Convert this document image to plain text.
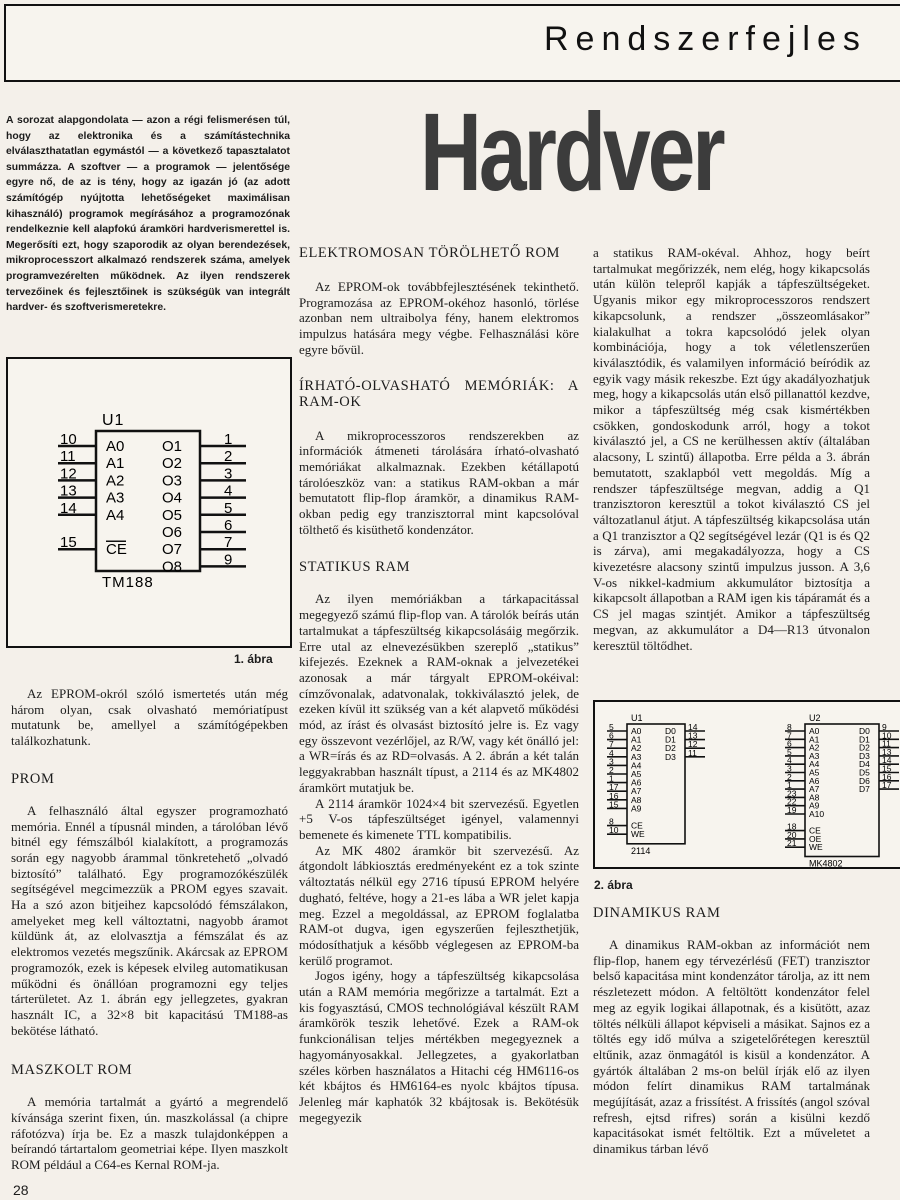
Rendszerfejles
Hardver
A sorozat alapgondolata — azon a régi felismerésen túl, hogy az elektronika és a számítástechnika elválaszthatatlan egymástól — a következő tapasztalatot summázza. A szoftver — a programok — jelentősége egyre nő, de az is tény, hogy az igazán jó (az adott számítógép nyújtotta lehetőségeket maximálisan kihasználó) programok megírásához a programozónak rendelkeznie kell alapfokú áramköri hardverismerettel is. Megerősíti ezt, hogy szaporodik az olyan berendezések, mikroprocesszort alkalmazó rendszerek száma, amelyek programvezérelten működnek. Az ilyen rendszerek tervezőinek és fejlesztőinek is szükségük van integrált hardver- és szoftverismeretekre.
U1
10 A0
11 A1
12 A2
13 A3
14 A4
15 CE
1
O1
2
O2
3
O3
4
O4
5
O5
6
O6
7
O7
9
O8
TM188
1. ábra
U1
5 A0
6 A1
7 A2
4 A3
3 A4
2 A5
1 A6
17 A7
16 A8
15 A9
8 CE
10 WE
14
D0 13
D1 12
D2 11
D3
2114
U2
8 A0
7 A1
6 A2
5 A3
4 A4
3 A5
2 A6
1 A7
23 A8
22 A9
19 A10
18 CE
20 OE
21 WE
9
D0 10
D1 11
D2 13
D3 14
D4 15
D5 16
D6 17
D7
MK4802
2. ábra

Az EPROM-okról szóló ismertetés után még három olyan, csak olvasható memóriatípust mutatunk be, amellyel a számítógépekben találkozhatunk.

PROM

A felhasználó által egyszer programozható memória. Ennél a típusnál minden, a tárolóban lévő bitnél egy fémszálból kialakított, a programozás során egy nagyobb árammal tönkretehető „olvadó biztosító” található. Egy programozókészülék segítségével megcimezzük a PROM egyes szavait. Ha a szó azon bitjeihez kapcsolódó fémszálakon, amelyeket meg kell változtatni, nagyobb áramot küldünk át, az elolvasztja a fémszálat és az elektromos vezetés megszűnik. Akárcsak az EPROM programozók, ezek is képesek elvileg automatikusan működni és önállóan programozni egy teljes tárterületet. Az 1. ábrán egy jellegzetes, gyakran használt IC, a 32×8 bit kapacitású TM188-as bekötése látható.

MASZKOLT ROM

A memória tartalmát a gyártó a megrendelő kívánsága szerint fixen, ún. maszkolással (a chipre ráfotózva) írja be. Ez a maszk tulajdonképpen a beírandó tártartalom geometriai képe. Ilyen maszkolt ROM például a C64-es Kernal ROM-ja.

ELEKTROMOSAN TÖRÖLHETŐ ROM

Az EPROM-ok továbbfejlesztésének tekinthető. Programozása az EPROM-okéhoz hasonló, törlése azonban nem ultraibolya fény, hanem elektromos impulzus hatására megy végbe. Felhasználási köre egyre bővül.

ÍRHATÓ-OLVASHATÓ MEMÓRIÁK: A RAM-OK

A mikroprocesszoros rendszerekben az információk átmeneti tárolására írható-olvasható memóriákat alkalmaznak. Ezekben kétállapotú tárolóeszköz van: a statikus RAM-okban a már bemutatott flip-flop áramkör, a dinamikus RAM-okban pedig egy tranzisztorral mint kapcsolóval tölthető és kisüthető kondenzátor.

STATIKUS RAM

Az ilyen memóriákban a tárkapacitással megegyező számú flip-flop van. A tárolók beírás után tartalmukat a tápfeszültség kikapcsolásáig megőrzik. Erre utal az elnevezésükben szereplő „statikus” kifejezés. Ezeknek a RAM-oknak a jelvezetékei azonosak a már tárgyalt EPROM-okéival: címzővonalak, adatvonalak, tokkiválasztó jelek, de ezeken kívül itt szükség van a két alapvető működési mód, az írást és olvasást biztosító jelre is. Ez vagy egy összevont vezérlőjel, az R/W, vagy két önálló jel: a WR=írás és az RD=olvasás. A 2. ábrán a két talán leggyakrabban használt típust, a 2114 és az MK4802 áramkört mutatjuk be.

A 2114 áramkör 1024×4 bit szervezésű. Egyetlen +5 V-os tápfeszültséget igényel, valamennyi bemenete és kimenete TTL kompatibilis.

Az MK 4802 áramkör bit szervezésű. Az átgondolt lábkiosztás eredményeként ez a tok szinte változtatás nélkül egy 2716 típusú EPROM helyére dugható, feltéve, hogy a 21-es lába a WR jelet kapja meg. Ezzel a megoldással, az EPROM foglalatba RAM-ot dugva, igen egyszerűen fejleszthetjük, módosíthatjuk a később véglegesen az EPROM-ba kerülő programot.

Jogos igény, hogy a tápfeszültség kikapcsolása után a RAM memória megőrizze a tartalmát. Ezt a kis fogyasztású, CMOS technológiával készült RAM áramkörök teszik lehetővé. Ezek a RAM-ok funkcionálisan teljes mértékben megegyeznek a hagyományosakkal. Jellegzetes, a gyakorlatban széles körben használatos a Hitachi cég HM6116-os két kbájtos és HM6164-es nyolc kbájtos típusa. Jelenleg már kaphatók 32 kbájtosak is. Bekötésük megegyezik

a statikus RAM-okéval. Ahhoz, hogy beírt tartalmukat megőrizzék, nem elég, hogy kikapcsolás után külön telepről kapják a tápfeszültségeket. Ugyanis mikor egy mikroprocesszoros rendszert kikapcsolunk, a rendszer „összeomlásakor” kialakulhat a tokra kapcsolódó jelek olyan kombinációja, hogy a tok véletlenszerűen kiválasztódik, és valamilyen információ beíródik az egyik vagy másik rekeszbe. Ezt úgy akadályozhatjuk meg, hogy a kikapcsolás után első pillanattól kezdve, mikor a tápfeszültség még csak kismértékben csökken, gondoskodunk arról, hogy a tokot kiválasztó jel, a CS ne kerülhessen aktív (általában alacsony, L szintű) állapotba. Erre példa a 3. ábrán bemutatott, szaklapból vett megoldás. Míg a rendszer tápfeszültsége megvan, addig a Q1 tranzisztoron keresztül a tokot kiválasztó CS jel változatlanul átjut. A tápfeszültség kikapcsolása után a Q1 tranzisztor a Q2 segítségével lezár (Q1 is és Q2 is zárva), ami megakadályozza, hogy a CS kivezetésre alacsony szintű impulzus jusson. A 3,6 V-os nikkel-kadmium akkumulátor biztosítja a kikapcsolt állapotban a RAM igen kis tápáramát és a CS jel magas szintjét. Amikor a tápfeszültség megvan, az akkumulátor a D4—R13 útvonalon keresztül töltődhet.

DINAMIKUS RAM

A dinamikus RAM-okban az információt nem flip-flop, hanem egy térvezérlésű (FET) tranzisztor belső kapacitása mint kondenzátor tárolja, az itt nem részletezett módon. A feltöltött kondenzátor felel meg az egyik logikai állapotnak, és a kisütött, azaz töltés nélküli állapot képviseli a másikat. Sajnos ez a töltés egy idő múlva a szigetelőrétegen keresztül eltűnik, azaz önmagától is kisül a kondenzátor. A gyártók általában 2 ms-on belül írják elő az ilyen módon felírt dinamikus RAM tartalmának megújítását, azaz a frissítést. A frissítés (angol szóval refresh, ejtsd rifres) során a kisülni kezdő kapacitásokat ismét feltöltik. Ezt a műveletet a dinamikus tárban lévő

28
